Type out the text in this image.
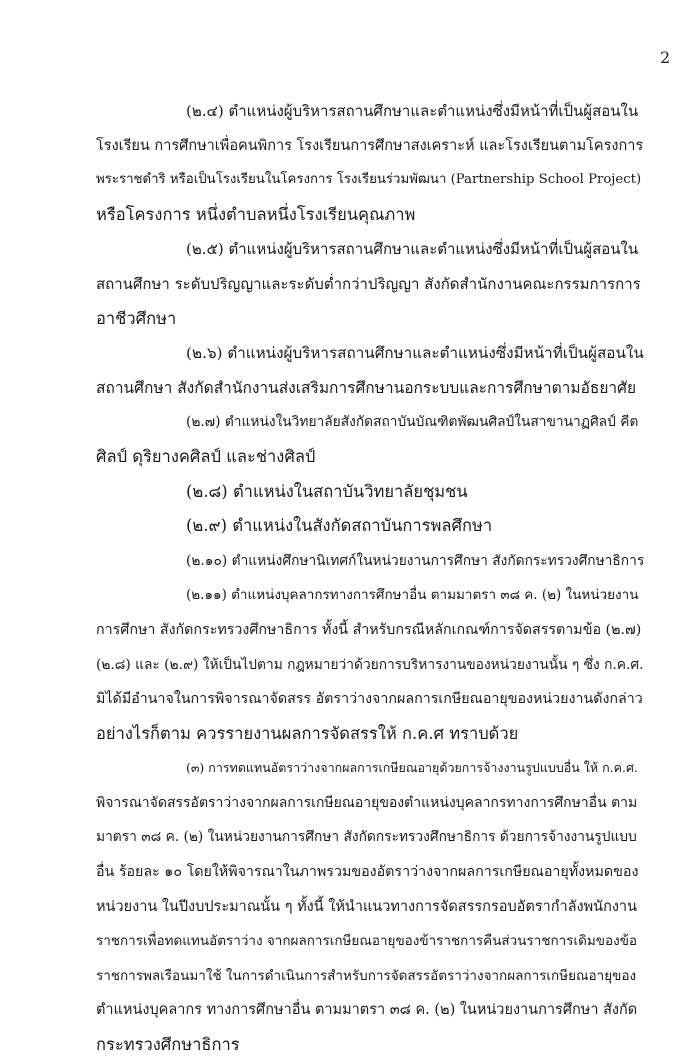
2
(๒.๔) ตำแหน่งผู้บริหารสถานศึกษาและตำแหน่งซึ่งมีหน้าที่เป็นผู้สอนใน
โรงเรียน การศึกษาเพื่อคนพิการ โรงเรียนการศึกษาสงเคราะห์ และโรงเรียนตามโครงการ
พระราชดำริ หรือเป็นโรงเรียนในโครงการ โรงเรียนร่วมพัฒนา (Partnership School Project)
หรือโครงการ หนึ่งตำบลหนึ่งโรงเรียนคุณภาพ
(๒.๕) ตำแหน่งผู้บริหารสถานศึกษาและตำแหน่งซึ่งมีหน้าที่เป็นผู้สอนใน
สถานศึกษา ระดับปริญญาและระดับต่ำกว่าปริญญา สังกัดสำนักงานคณะกรรมการการ
อาชีวศึกษา
(๒.๖) ตำแหน่งผู้บริหารสถานศึกษาและตำแหน่งซึ่งมีหน้าที่เป็นผู้สอนใน
สถานศึกษา สังกัดสำนักงานส่งเสริมการศึกษานอกระบบและการศึกษาตามอัธยาศัย
(๒.๗) ตำแหน่งในวิทยาลัยสังกัดสถาบันบัณฑิตพัฒนศิลป์ในสาขานาฏศิลป์ คีต
ศิลป์ ดุริยางคศิลป์ และช่างศิลป์
(๒.๘) ตำแหน่งในสถาบันวิทยาลัยชุมชน
(๒.๙) ตำแหน่งในสังกัดสถาบันการพลศึกษา
(๒.๑๐) ตำแหน่งศึกษานิเทศก์ในหน่วยงานการศึกษา สังกัดกระทรวงศึกษาธิการ
(๒.๑๑) ตำแหน่งบุคลากรทางการศึกษาอื่น ตามมาตรา ๓๘ ค. (๒) ในหน่วยงาน
การศึกษา สังกัดกระทรวงศึกษาธิการ ทั้งนี้ สำหรับกรณีหลักเกณฑ์การจัดสรรตามข้อ (๒.๗)
(๒.๘) และ (๒.๙) ให้เป็นไปตาม กฎหมายว่าด้วยการบริหารงานของหน่วยงานนั้น ๆ ซึ่ง ก.ค.ศ.
มิได้มีอำนาจในการพิจารณาจัดสรร อัตราว่างจากผลการเกษียณอายุของหน่วยงานดังกล่าว
อย่างไรก็ตาม ควรรายงานผลการจัดสรรให้ ก.ค.ศ ทราบด้วย
(๓) การทดแทนอัตราว่างจากผลการเกษียณอายุด้วยการจ้างงานรูปแบบอื่น ให้ ก.ค.ศ.
พิจารณาจัดสรรอัตราว่างจากผลการเกษียณอายุของตำแหน่งบุคลากรทางการศึกษาอื่น ตาม
มาตรา ๓๘ ค. (๒) ในหน่วยงานการศึกษา สังกัดกระทรวงศึกษาธิการ ด้วยการจ้างงานรูปแบบ
อื่น ร้อยละ ๑๐ โดยให้พิจารณาในภาพรวมของอัตราว่างจากผลการเกษียณอายุทั้งหมดของ
หน่วยงาน ในปีงบประมาณนั้น ๆ ทั้งนี้ ให้นำแนวทางการจัดสรรกรอบอัตรากำลังพนักงาน
ราชการเพื่อทดแทนอัตราว่าง จากผลการเกษียณอายุของข้าราชการคืนส่วนราชการเดิมของข้อ
ราชการพลเรือนมาใช้ ในการดำเนินการสำหรับการจัดสรรอัตราว่างจากผลการเกษียณอายุของ
ตำแหน่งบุคลากร ทางการศึกษาอื่น ตามมาตรา ๓๘ ค. (๒) ในหน่วยงานการศึกษา สังกัด
กระทรวงศึกษาธิการ
